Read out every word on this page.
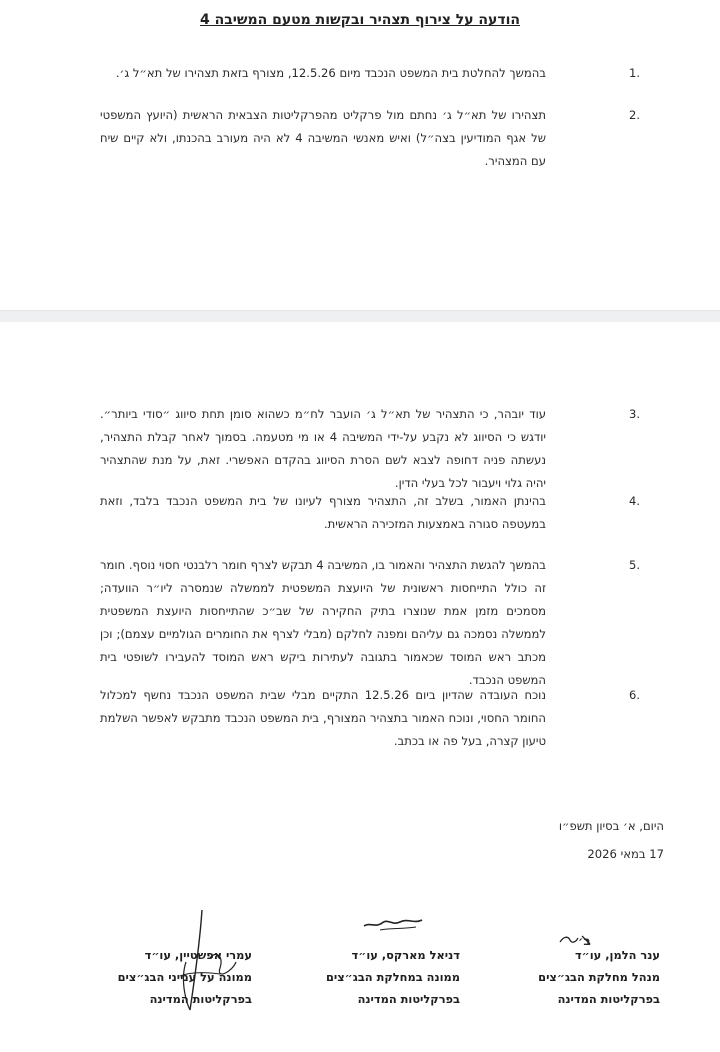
הודעה על צירוף תצהיר ובקשות מטעם המשיבה 4
1.
בהמשך להחלטת בית המשפט הנכבד מיום 12.5.26, מצורף בזאת תצהירו של תא״ל ג׳.
2.
תצהירו של תא״ל ג׳ נחתם מול פרקליט מהפרקליטות הצבאית הראשית (היועץ המשפטי של אגף המודיעין בצה״ל) ואיש מאנשי המשיבה 4 לא היה מעורב בהכנתו, ולא קיים שיח עם המצהיר.
3.
עוד יובהר, כי התצהיר של תא״ל ג׳ הועבר לח״מ כשהוא סומן תחת סיווג ״סודי ביותר״. יודגש כי הסיווג לא נקבע על-ידי המשיבה 4 או מי מטעמה. בסמוך לאחר קבלת התצהיר, נעשתה פניה דחופה לצבא לשם הסרת הסיווג בהקדם האפשרי. זאת, על מנת שהתצהיר יהיה גלוי ויעבור לכל בעלי הדין.
4.
בהינתן האמור, בשלב זה, התצהיר מצורף לעיונו של בית המשפט הנכבד בלבד, וזאת במעטפה סגורה באמצעות המזכירה הראשית.
5.
בהמשך להגשת התצהיר והאמור בו, המשיבה 4 תבקש לצרף חומר רלבנטי חסוי נוסף. חומר זה כולל התייחסות ראשונית של היועצת המשפטית לממשלה שנמסרה ליו״ר הוועדה; מסמכים מזמן אמת שנוצרו בתיק החקירה של שב״כ שהתייחסות היועצת המשפטית לממשלה נסמכה גם עליהם ומפנה לחלקם (מבלי לצרף את החומרים הגולמיים עצמם); וכן מכתב ראש המוסד שכאמור בתגובה לעתירות ביקש ראש המוסד להעבירו לשופטי בית המשפט הנכבד.
6.
נוכח העובדה שהדיון ביום 12.5.26 התקיים מבלי שבית המשפט הנכבד נחשף למכלול החומר החסוי, ונוכח האמור בתצהיר המצורף, בית המשפט הנכבד מתבקש לאפשר השלמת טיעון קצרה, בעל פה או בכתב.
היום, א׳ בסיון תשפ״ו
17 במאי 2026
ב׳
ענר הלמן, עו״ד
מנהל מחלקת הבג״צים
בפרקליטות המדינה
דניאל מארקס, עו״ד
ממונה במחלקת הבג״צים
בפרקליטות המדינה
עמרי אפשטיין, עו״ד
ממונה על ענייני הבג״צים
בפרקליטות המדינה
